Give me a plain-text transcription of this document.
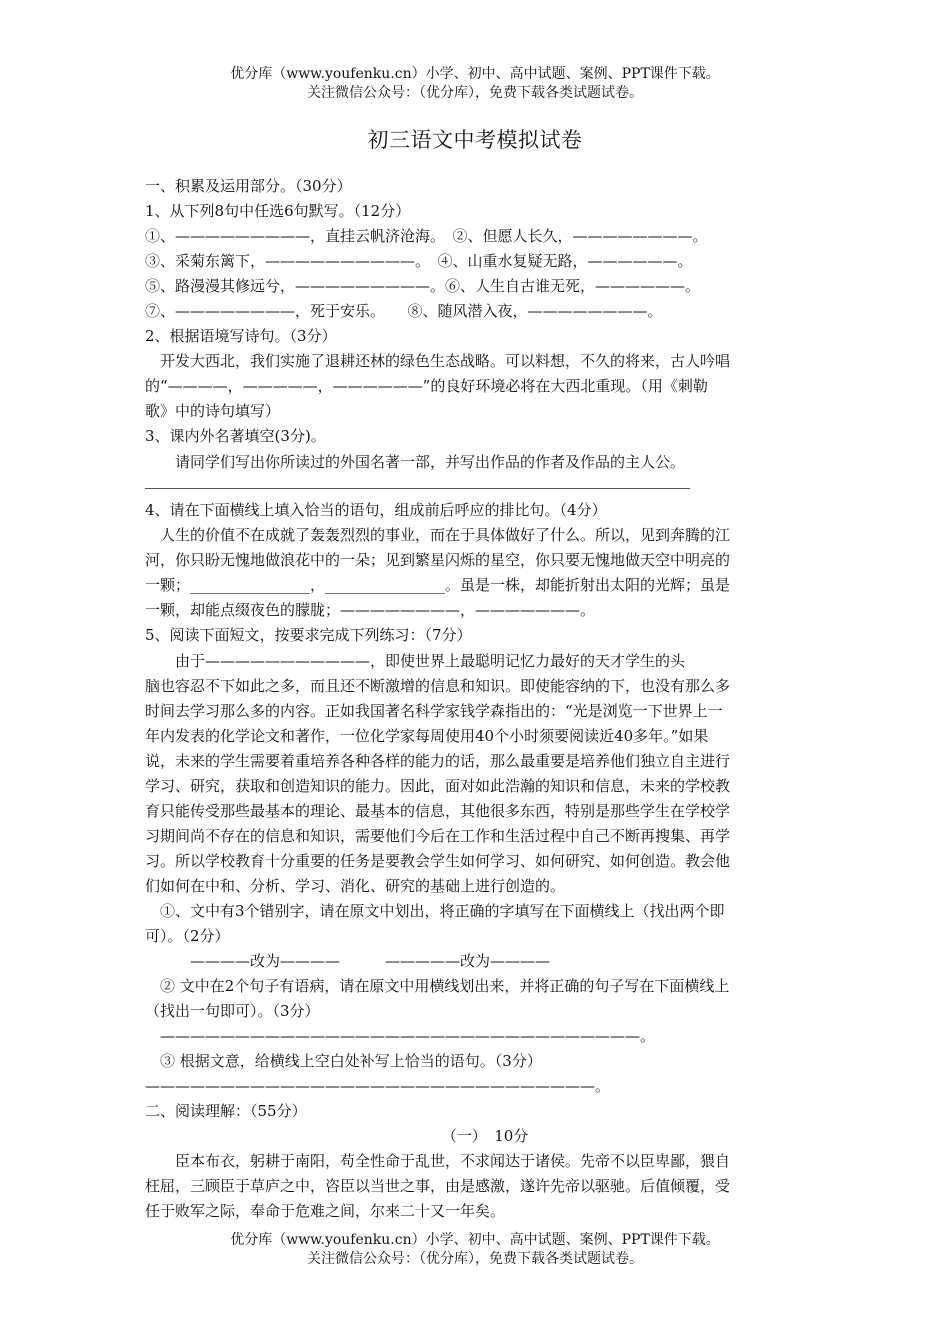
优分库（www.youfenku.cn）小学、初中、高中试题、案例、PPT课件下载。
关注微信公众号：（优分库），免费下载各类试题试卷。
初三语文中考模拟试卷
一、积累及运用部分。（30分）
1、从下列8句中任选6句默写。（12分）
①、—————————，直挂云帆济沧海。　②、但愿人长久，————————。
③、采菊东篱下，——————————。　④、山重水复疑无路，——————。
⑤、路漫漫其修远兮，—————————。⑥、人生自古谁无死，——————。
⑦、————————，死于安乐。　　⑧、随风潜入夜，————————。
2、根据语境写诗句。（3分）
　开发大西北，我们实施了退耕还林的绿色生态战略。可以料想，不久的将来，古人吟唱
的“————，—————，——————”的良好环境必将在大西北重现。（用《刺勒
歌》中的诗句填写）
3、课内外名著填空(3分)。
　　请同学们写出你所读过的外国名著一部，并写出作品的作者及作品的主人公。
4、请在下面横线上填入恰当的语句，组成前后呼应的排比句。（4分）
　人生的价值不在成就了轰轰烈烈的事业，而在于具体做好了什么。所以，见到奔腾的江
河，你只盼无愧地做浪花中的一朵；见到繁星闪烁的星空，你只要无愧地做天空中明亮的
一颗；________________，________________。虽是一株，却能折射出太阳的光辉；虽是
一颗，却能点缀夜色的朦胧；————————，———————。
5、阅读下面短文，按要求完成下列练习：（7分）
　　由于———————————，即使世界上最聪明记忆力最好的天才学生的头
脑也容忍不下如此之多，而且还不断激增的信息和知识。即使能容纳的下，也没有那么多
时间去学习那么多的内容。正如我国著名科学家钱学森指出的：“光是浏览一下世界上一
年内发表的化学论文和著作，一位化学家每周使用40个小时须要阅读近40多年。”如果
说，未来的学生需要着重培养各种各样的能力的话，那么最重要是培养他们独立自主进行
学习、研究，获取和创造知识的能力。因此，面对如此浩瀚的知识和信息，未来的学校教
育只能传受那些最基本的理论、最基本的信息，其他很多东西，特别是那些学生在学校学
习期间尚不存在的信息和知识，需要他们今后在工作和生活过程中自己不断再搜集、再学
习。所以学校教育十分重要的任务是要教会学生如何学习、如何研究、如何创造。教会他
们如何在中和、分析、学习、消化、研究的基础上进行创造的。
　①、文中有3个错别字，请在原文中划出，将正确的字填写在下面横线上（找出两个即
可）。（2分）
　　　————改为————　　　—————改为————
　② 文中在2个句子有语病，请在原文中用横线划出来，并将正确的句子写在下面横线上
（找出一句即可）。（3分）
　————————————————————————————————。
　③ 根据文意，给横线上空白处补写上恰当的语句。（3分）
——————————————————————————————。
二、阅读理解：（55分）
（一）　10分
　　臣本布衣，躬耕于南阳，苟全性命于乱世，不求闻达于诸侯。先帝不以臣卑鄙，猥自
枉屈，三顾臣于草庐之中，咨臣以当世之事，由是感激，遂许先帝以驱驰。后值倾覆，受
任于败军之际，奉命于危难之间，尔来二十又一年矣。
优分库（www.youfenku.cn）小学、初中、高中试题、案例、PPT课件下载。
关注微信公众号：（优分库），免费下载各类试题试卷。
